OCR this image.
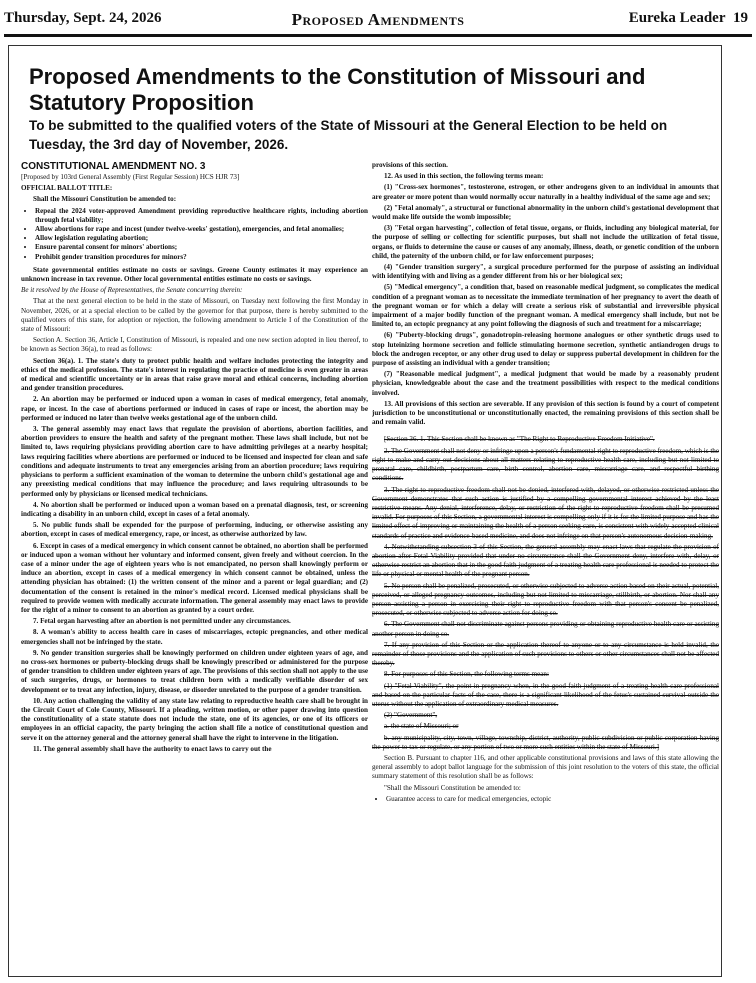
Thursday, Sept. 24, 2026	Proposed Amendments	Eureka Leader 19
Proposed Amendments to the Constitution of Missouri and Statutory Proposition
To be submitted to the qualified voters of the State of Missouri at the General Election to be held on Tuesday, the 3rd day of November, 2026.
CONSTITUTIONAL AMENDMENT NO. 3

[Proposed by 103rd General Assembly (First Regular Session) HCS HJR 73]

OFFICIAL BALLOT TITLE:

Shall the Missouri Constitution be amended to:

• Repeal the 2024 voter-approved Amendment providing reproductive healthcare rights, including abortion through fetal viability;
• Allow abortions for rape and incest (under twelve-weeks' gestation), emergencies, and fetal anomalies;
• Allow legislation regulating abortion;
• Ensure parental consent for minors' abortions;
• Prohibit gender transition procedures for minors?

State governmental entities estimate no costs or savings. Greene County estimates it may experience an unknown increase in tax revenue. Other local governmental entities estimate no costs or savings.

Be it resolved by the House of Representatives, the Senate concurring therein:

That at the next general election to be held in the state of Missouri, on Tuesday next following the first Monday in November, 2026, or at a special election to be called by the governor for that purpose, there is hereby submitted to the qualified voters of this state, for adoption or rejection, the following amendment to Article I of the Constitution of the state of Missouri:

Section A. Section 36, Article I, Constitution of Missouri, is repealed and one new section adopted in lieu thereof, to be known as Section 36(a), to read as follows:

Section 36(a). 1. The state's duty to protect public health and welfare includes protecting the integrity and ethics of the medical profession. The state's interest in regulating the practice of medicine is even greater in areas of medical and scientific uncertainty or in areas that raise grave moral and ethical concerns, including abortion and gender transition procedures.

2. An abortion may be performed or induced upon a woman in cases of medical emergency, fetal anomaly, rape, or incest. In the case of abortions performed or induced in cases of rape or incest, the abortion may be performed or induced no later than twelve weeks gestational age of the unborn child.

3. The general assembly may enact laws that regulate the provision of abortions, abortion facilities, and abortion providers to ensure the health and safety of the pregnant mother. These laws shall include, but not be limited to, laws requiring physicians providing abortion care to have admitting privileges at a nearby hospital; laws requiring facilities where abortions are performed or induced to be licensed and inspected for clean and safe conditions and adequate instruments to treat any emergencies arising from an abortion procedure; laws requiring physicians to perform a sufficient examination of the woman to determine the unborn child's gestational age and any preexisting medical conditions that may influence the procedure; and laws requiring ultrasounds to be performed only by physicians or licensed medical technicians.

4. No abortion shall be performed or induced upon a woman based on a prenatal diagnosis, test, or screening indicating a disability in an unborn child, except in cases of a fetal anomaly.

5. No public funds shall be expended for the purpose of performing, inducing, or otherwise assisting any abortion, except in cases of medical emergency, rape, or incest, as otherwise authorized by law.

6. Except in cases of a medical emergency in which consent cannot be obtained, no abortion shall be performed or induced upon a woman without her voluntary and informed consent, given freely and without coercion. In the case of a minor under the age of eighteen years who is not emancipated, no person shall knowingly perform or induce an abortion, except in cases of a medical emergency in which consent cannot be obtained, unless the attending physician has obtained: (1) the written consent of the minor and a parent or legal guardian; and (2) documentation of the consent is retained in the minor's medical record. Licensed medical physicians shall be required to provide women with medically accurate information. The general assembly may enact laws to provide for the right of a minor to consent to an abortion as granted by a court order.

7. Fetal organ harvesting after an abortion is not permitted under any circumstances.

8. A woman's ability to access health care in cases of miscarriages, ectopic pregnancies, and other medical emergencies shall not be infringed by the state.

9. No gender transition surgeries shall be knowingly performed on children under eighteen years of age, and no cross-sex hormones or puberty-blocking drugs shall be knowingly prescribed or administered for the purpose of gender transition to children under eighteen years of age. The provisions of this section shall not apply to the use of such surgeries, drugs, or hormones to treat children born with a medically verifiable disorder of sex development or to treat any infection, injury, disease, or disorder unrelated to the purpose of a gender transition.

10. Any action challenging the validity of any state law relating to reproductive health care shall be brought in the Circuit Court of Cole County, Missouri. If a pleading, written motion, or other paper drawing into question the constitutionality of a state statute does not include the state, one of its agencies, or one of its officers or employees in an official capacity, the party bringing the action shall file a notice of constitutional question and serve it on the attorney general and the attorney general shall have the right to intervene in the litigation.

11. The general assembly shall have the authority to enact laws to carry out the

provisions of this section.

12. As used in this section, the following terms mean:

(1) "Cross-sex hormones", testosterone, estrogen, or other androgens given to an individual in amounts that are greater or more potent than would normally occur naturally in a healthy individual of the same age and sex;

(2) "Fetal anomaly", a structural or functional abnormality in the unborn child's gestational development that would make life outside the womb impossible;

(3) "Fetal organ harvesting", collection of fetal tissue, organs, or fluids, including any biological material, for the purpose of selling or collecting for scientific purposes, but shall not include the utilization of fetal tissue, organs, or fluids to determine the cause or causes of any anomaly, illness, death, or genetic condition of the unborn child, the paternity of the unborn child, or for law enforcement purposes;

(4) "Gender transition surgery", a surgical procedure performed for the purpose of assisting an individual with identifying with and living as a gender different from his or her biological sex;

(5) "Medical emergency", a condition that, based on reasonable medical judgment, so complicates the medical condition of a pregnant woman as to necessitate the immediate termination of her pregnancy to avert the death of the pregnant woman or for which a delay will create a serious risk of substantial and irreversible physical impairment of a major bodily function of the pregnant woman. A medical emergency shall include, but not be limited to, an ectopic pregnancy at any point following the diagnosis of such and treatment for a miscarriage;

(6) "Puberty-blocking drugs", gonadotropin-releasing hormone analogues or other synthetic drugs used to stop luteinizing hormone secretion and follicle stimulating hormone secretion, synthetic antiandrogen drugs to block the androgen receptor, or any other drug used to delay or suppress pubertal development in children for the purpose of assisting an individual with a gender transition;

(7) "Reasonable medical judgment", a medical judgment that would be made by a reasonably prudent physician, knowledgeable about the case and the treatment possibilities with respect to the medical conditions involved.

13. All provisions of this section are severable. If any provision of this section is found by a court of competent jurisdiction to be unconstitutional or unconstitutionally enacted, the remaining provisions of this section shall be and remain valid.

[Section 36. 1. This Section shall be known as "The Right to Reproductive Freedom Initiative".

2. The Government shall not deny or infringe upon a person's fundamental right to reproductive freedom, which is the right to make and carry out decisions about all matters relating to reproductive health care, including but not limited to prenatal care, childbirth, postpartum care, birth control, abortion care, miscarriage care, and respectful birthing conditions.

3. The right to reproductive freedom shall not be denied, interfered with, delayed, or otherwise restricted unless the Government demonstrates that such action is justified by a compelling governmental interest achieved by the least restrictive means. Any denial, interference, delay, or restriction of the right to reproductive freedom shall be presumed invalid. For purposes of this Section, a governmental interest is compelling only if it is for the limited purpose and has the limited effect of improving or maintaining the health of a person seeking care, is consistent with widely accepted clinical standards of practice and evidence-based medicine, and does not infringe on that person's autonomous decision-making.

4. Notwithstanding subsection 3 of this Section, the general assembly may enact laws that regulate the provision of abortion after Fetal Viability provided that under no circumstance shall the Government deny, interfere with, delay, or otherwise restrict an abortion that in the good faith judgment of a treating health care professional is needed to protect the life or physical or mental health of the pregnant person.

5. No person shall be penalized, prosecuted, or otherwise subjected to adverse action based on their actual, potential, perceived, or alleged pregnancy outcomes, including but not limited to miscarriage, stillbirth, or abortion. Nor shall any person assisting a person in exercising their right to reproductive freedom with that person's consent be penalized, prosecuted, or otherwise subjected to adverse action for doing so.

6. The Government shall not discriminate against persons providing or obtaining reproductive health care or assisting another person in doing so.

7. If any provision of this Section or the application thereof to anyone or to any circumstance is held invalid, the remainder of those provisions and the application of such provisions to others or other circumstances shall not be affected thereby.

8. For purposes of this Section, the following terms mean:

(1) "Fetal Viability", the point in pregnancy when, in the good faith judgment of a treating health care professional and based on the particular facts of the case, there is a significant likelihood of the fetus's sustained survival outside the uterus without the application of extraordinary medical measures.

(2) "Government",

a. the state of Missouri; or

b. any municipality, city, town, village, township, district, authority, public subdivision or public corporation having the power to tax or regulate, or any portion of two or more such entities within the state of Missouri.]

Section B. Pursuant to chapter 116, and other applicable constitutional provisions and laws of this state allowing the general assembly to adopt ballot language for the submission of this joint resolution to the voters of this state, the official summary statement of this resolution shall be as follows:

"Shall the Missouri Constitution be amended to:

• Guarantee access to care for medical emergencies, ectopic
